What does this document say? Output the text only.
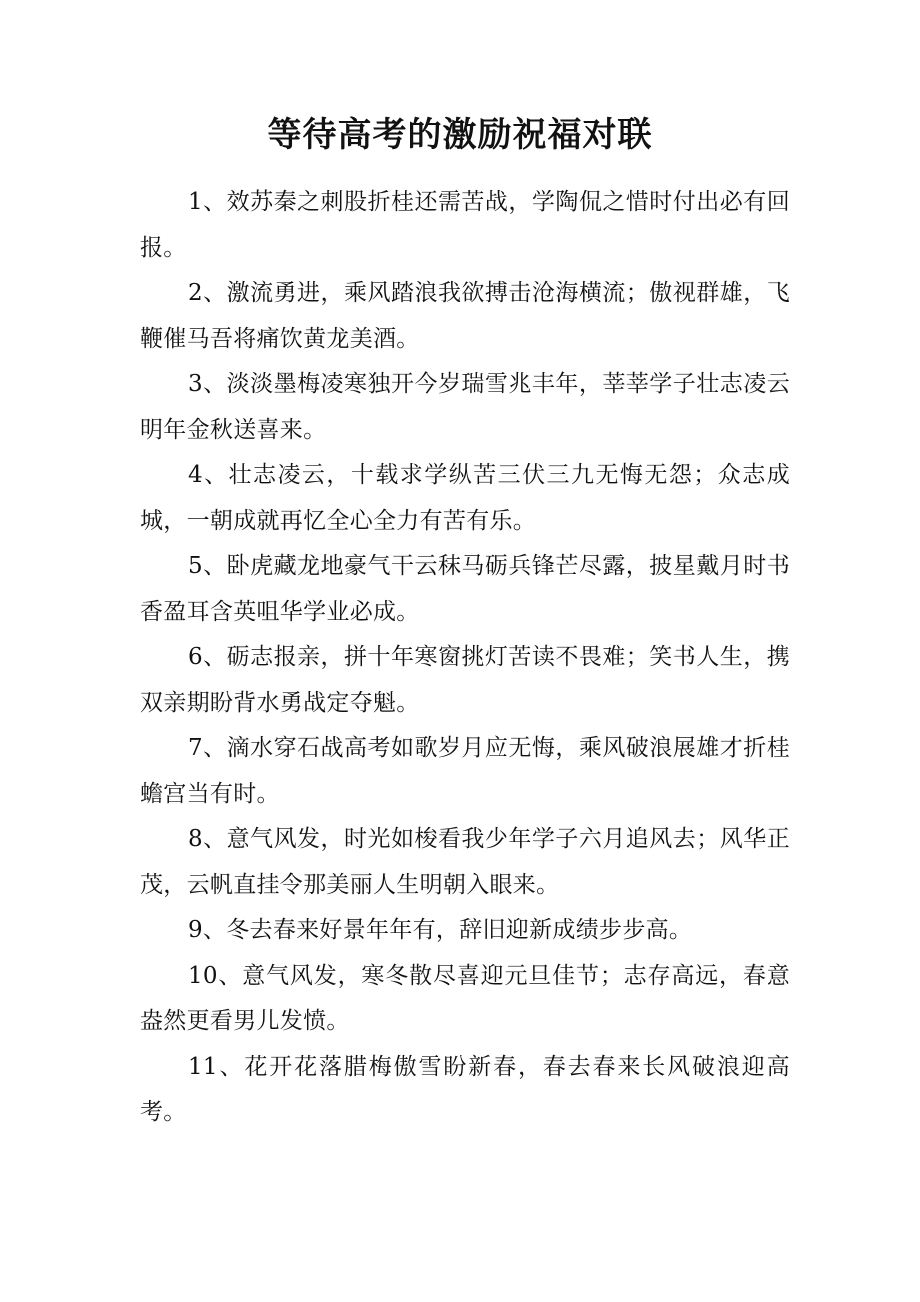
等待高考的激励祝福对联
1、效苏秦之刺股折桂还需苦战，学陶侃之惜时付出必有回报。
2、激流勇进，乘风踏浪我欲搏击沧海横流；傲视群雄，飞鞭催马吾将痛饮黄龙美酒。
3、淡淡墨梅凌寒独开今岁瑞雪兆丰年，莘莘学子壮志凌云明年金秋送喜来。
4、壮志凌云，十载求学纵苦三伏三九无悔无怨；众志成城，一朝成就再忆全心全力有苦有乐。
5、卧虎藏龙地豪气干云秣马砺兵锋芒尽露，披星戴月时书香盈耳含英咀华学业必成。
6、砺志报亲，拼十年寒窗挑灯苦读不畏难；笑书人生，携双亲期盼背水勇战定夺魁。
7、滴水穿石战高考如歌岁月应无悔，乘风破浪展雄才折桂蟾宫当有时。
8、意气风发，时光如梭看我少年学子六月追风去；风华正茂，云帆直挂令那美丽人生明朝入眼来。
9、冬去春来好景年年有，辞旧迎新成绩步步高。
10、意气风发，寒冬散尽喜迎元旦佳节；志存高远，春意盎然更看男儿发愤。
11、花开花落腊梅傲雪盼新春，春去春来长风破浪迎高考。
